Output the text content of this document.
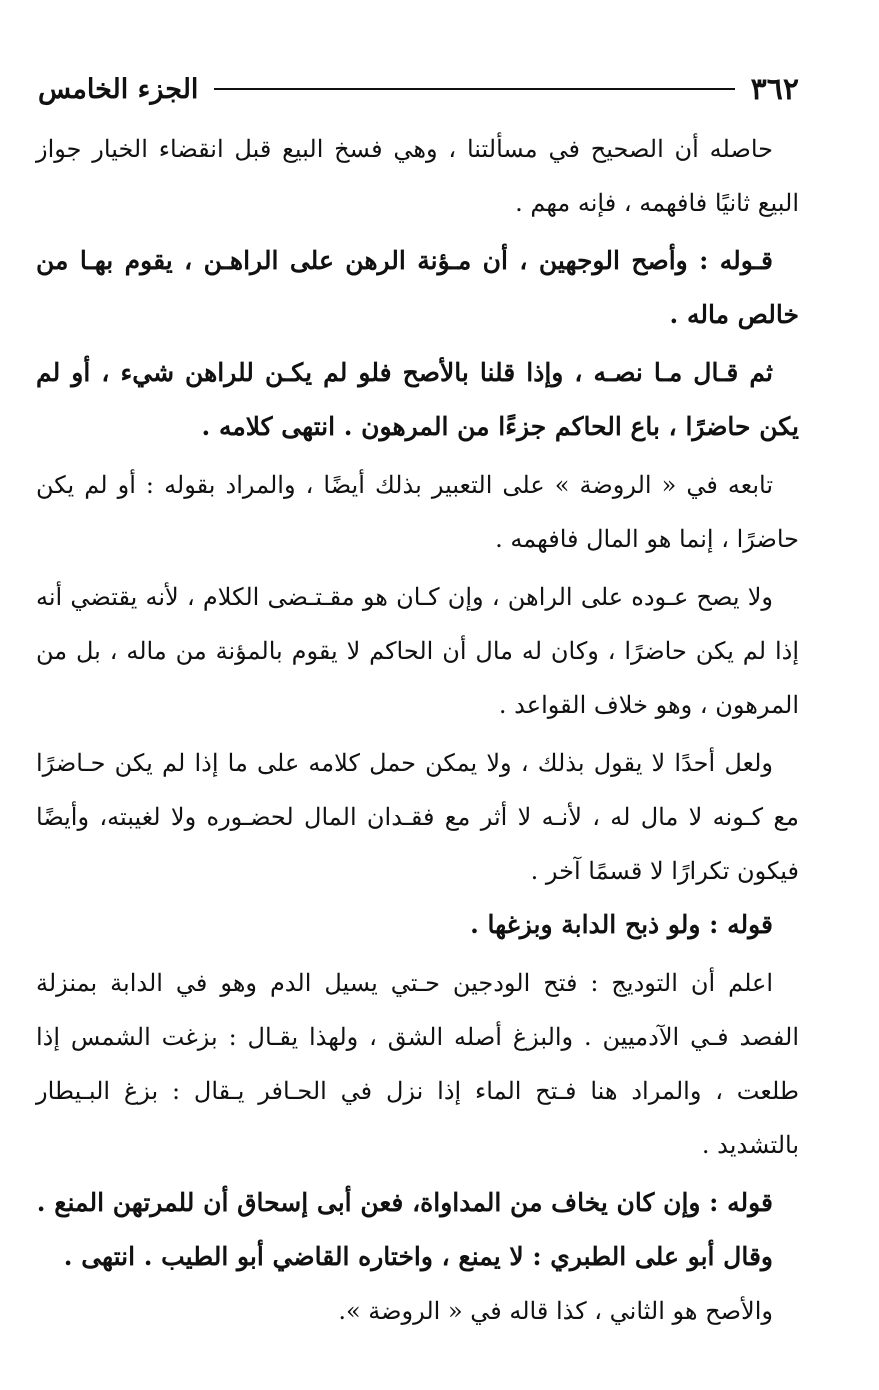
٣٦٢
الجزء الخامس

حاصله أن الصحيح في مسألتنا ، وهي فسخ البيع قبل انقضاء الخيار جواز البيع ثانيًا فافهمه ، فإنه مهم .

قـوله : وأصح الوجهين ، أن مـؤنة الرهن على الراهـن ، يقوم بهـا من خالص ماله .

ثم قـال مـا نصـه ، وإذا قلنا بالأصح فلو لم يكـن للراهن شيء ، أو لم يكن حاضرًا ، باع الحاكم جزءًا من المرهون . انتهى كلامه .

تابعه في « الروضة » على التعبير بذلك أيضًا ، والمراد بقوله : أو لم يكن حاضرًا ، إنما هو المال فافهمه .

ولا يصح عـوده على الراهن ، وإن كـان هو مقـتـضى الكلام ، لأنه يقتضي أنه إذا لم يكن حاضرًا ، وكان له مال أن الحاكم لا يقوم بالمؤنة من ماله ، بل من المرهون ، وهو خلاف القواعد .

ولعل أحدًا لا يقول بذلك ، ولا يمكن حمل كلامه على ما إذا لم يكن حـاضرًا مع كـونه لا مال له ، لأنـه لا أثر مع فقـدان المال لحضـوره ولا لغيبته، وأيضًا فيكون تكرارًا لا قسمًا آخر .

قوله : ولو ذبح الدابة وبزغها .

اعلم أن التوديج : فتح الودجين حـتي يسيل الدم وهو في الدابة بمنزلة الفصد فـي الآدميين . والبزغ أصله الشق ، ولهذا يقـال : بزغت الشمس إذا طلعت ، والمراد هنا فـتح الماء إذا نزل في الحـافر يـقال : بزغ البـيطار بالتشديد .

قوله : وإن كان يخاف من المداواة، فعن أبى إسحاق أن للمرتهن المنع .

وقال أبو على الطبري : لا يمنع ، واختاره القاضي أبو الطيب . انتهى .

والأصح هو الثاني ، كذا قاله في « الروضة ».
